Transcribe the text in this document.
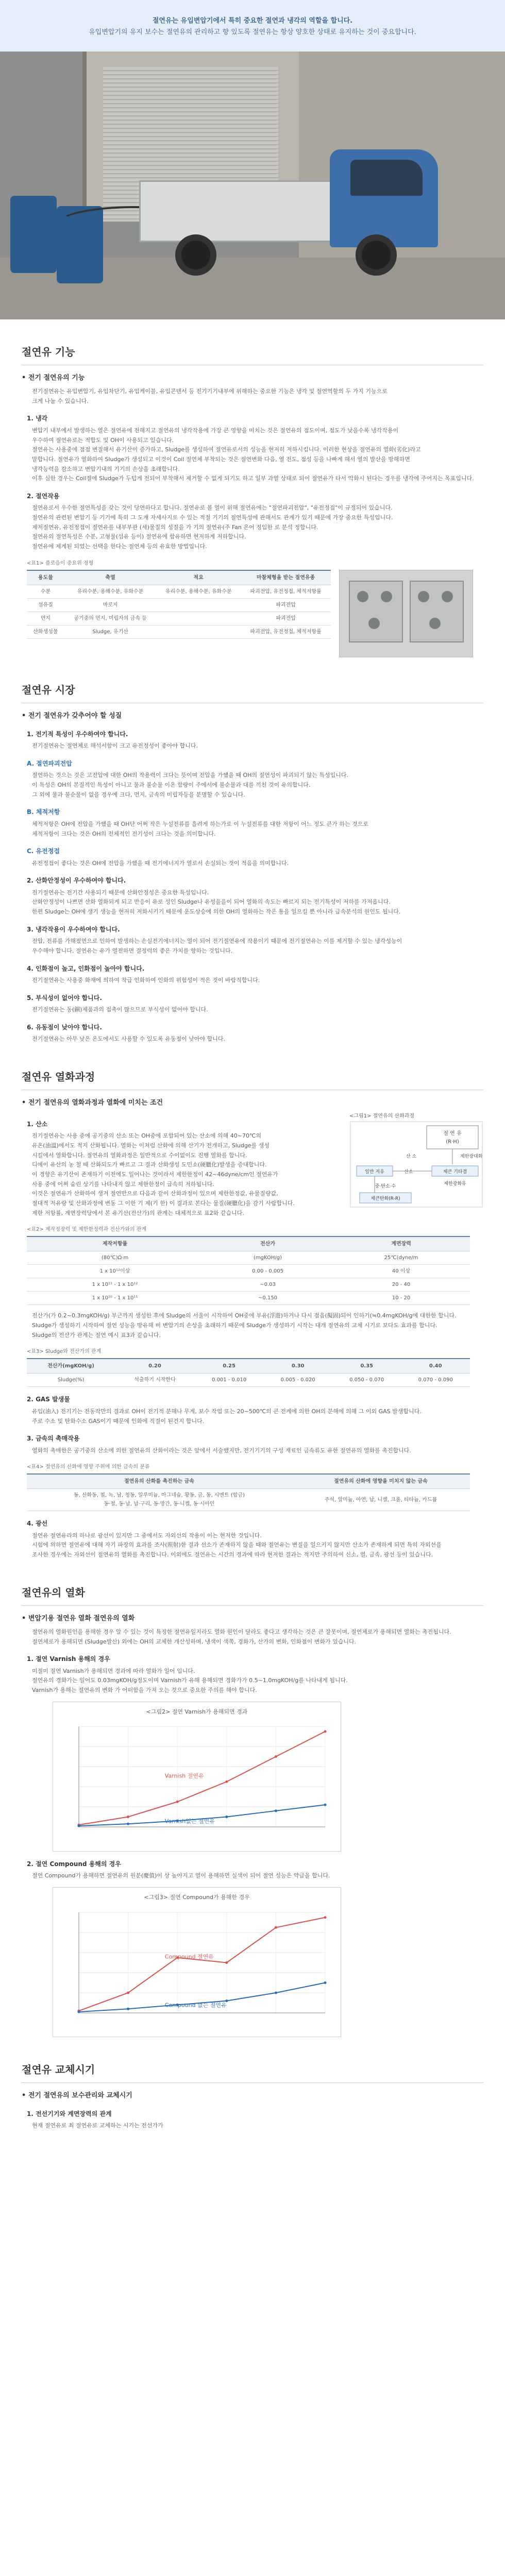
절연유는 유입변압기에서 특히 중요한 절연과 냉각의 역할을 합니다.

유입변압기의 유지 보수는 절연유의 관리하고 향 있도록 절연유는 항상 양호한 상태로 유지하는 것이 중요합니다.

절연유 기능
• 전기 절연유의 기능

전기절연유는 유입변압기, 유입차단기, 유입케이블, 유입콘덴서 등 전기기기내부에 위해하는 중요한 기능은 냉각 및 절연역할의 두 가지 기능으로

크게 나눌 수 있습니다.

1. 냉각

변압기 내부에서 발생하는 열은 절연유에 전해지고 절연유의 냉각작용에 가장 큰 영향을 미치는 것은 절연유의 점도이며, 점도가 낮을수록 냉각작용이

우수하여 절연유로는 적합도 및 OH이 사용되고 있습니다.

절연유는 사용중에 점점 변질해서 유기산이 증가하고, Sludge를 생성하여 절연유로서의 성능을 현저히 저하시킵니다. 이러한 현상을 절연유의 열화(劣化)라고

말합니다. 절연유가 열화하여 Sludge가 생성되고 이것이 Coil 절연체 부착되는 것은 절연변화 다음, 열 전도, 점성 등을 나빠게 해서 열의 발산을 방해하면

냉각능력을 감소하고 변압기내의 기기의 손상을 초래합니다.

이후 심한 경우는 Coil절에 Sludge가 두텁게 전되어 부착해서 제거할 수 없게 되기도 하고 일부 과열 상태로 되어 절연유가 타서 악화시 된다는 경우를 냉각에 주어지는 목표입니다.

2. 절연작용

절연유로서 우수한 절연특성을 갖는 것이 당연하다고 합니다. 절연유로 볼 열이 위해 절연유에는 "절연파괴전압", "유전정접"이 규정되어 있습니다.

절연유의 관련된 변압기 등 기기에 특히 그 도재 자세사지로 수 있는 적절 기기의 절연특성에 관해서도 관계가 있기 때문에 가장 중요한 특성입니다.

제저절연유, 유전정접이 절연유를 내부부관 (세)물질의 성질을 가 기의 절연유(주 Fan 은어 징입한 로 분석 정합니다.

절연유의 절연특성은 수분, 고형물(섬유 등이) 절연유에 함유하면 현저하게 저하합니다.

절연유에 제게된 되었는 선택을 한다는 절연체 등의 유효한 방법입니다.

<표1> 플로음이 중요위 정형

용도물	축열	적요	마찰체형을 받는 절연유종
수분	유리수분, 용해수분, 유화수분	유리수분, 용해수분, 유화수분	파괴전압, 유전정접, 체적저항률
섬유질	마로지		파괴전압
먼지	공기중의 먼지, 미립자의 금속 등		파괴전압
산화생성물	Sludge, 유기산		파괴전압, 유전정접, 체적저항률
절연유 시장
• 전기 절연유가 갖추어야 할 성질
1. 전기적 특성이 우수하여야 합니다.

전기절연유는 절연체로 해석서함이 크고 유전정성이 좋아야 합니다.

A. 절연파괴전압

절연하는 것으는 것은 고전압에 대한 OH의 작용력이 크다는 뜻이며 전압을 가했을 때 OH의 절연성이 파괴되기 않는 특성입니다.

이 특성은 OH의 본질적인 특성이 아니고 물과 불순물 이온 함량이 주에서에 불순물과 대를 끼친 것이 유의합니다.

그 외에 물과 불순물이 없을 경우에 크다, 먼지, 금속의 미립자등을 분명할 수 있습니다.

B. 체적저항

체적저항은 OH에 전압을 가했을 때 OH단 어쩌 작은 누설전류를 흘려게 하는가로 이 누설전류를 대한 저항이 어느 정도 큰가 하는 것으로

체적저항이 크다는 것은 OH의 전체적인 전기성이 크다는 것을 의미합니다.

C. 유전정접

유전정접이 좋다는 것은 OH에 전압을 가했을 때 전기에너지가 열로서 손실되는 것이 적음을 의미합니다.

2. 산화안정성이 우수하여야 합니다.

전기절연유는 전기간 사용되기 때문에 산화안정성은 중요한 특성입니다.

산화안정성이 나쁘면 산화 열화되게 되고 반응이 유로 성인 Sludge나 유성을을이 되어 열화의 속도는 빠르지 되는 전기특성이 저하를 가져옵니다.

한편 Sludge는 OH에 생기 생능을 현저히 저화시키기 때문에 운도상승에 의한 OH의 열화하는 작은 통을 일으킬 뿐 아니라 급속분석의 원인도 됩니다.

3. 냉각작용이 우수하여야 합니다.

전압, 전류를 가해졌면으로 인하여 발생하는 손실전기에너지는 열이 되어 전기절연유에 작용이기 때문에 전기절연유는 이를 제거할 수 있는 냉각성능이

우수해야 합니다. 절연유는 유가 열전하면 결정력의 좋은 가치를 향하는 것입니다.

4. 인화점이 높고, 인화점이 높아야 합니다.

전기절연유는 사용중 화재에 의하여 착급 인화하여 인화의 위험성이 적은 것이 바람직합니다.

5. 부식성이 없어야 합니다.

전기절연유는 동(銅)제품과의 접촉이 많으므로 부식성이 없어야 합니다.

6. 유동점이 낮아야 합니다.

전기절연유는 아무 낮은 온도에서도 사용할 수 있도록 유동점이 낮아야 합니다.

절연유 열화과정
• 전기 절연유의 열화과정과 열화에 미치는 조건
1. 산소

전기절연유는 사용 중에 공기중의 산소 또는 OH중에 포함되어 있는 산소에 의해 40~70℃의

유온(油溫)에서도 적지 산화됩니다. 열화는 이처럼 산화에 의해 산기가 전개하고, Sludge를 생성

시킬에서 열화합니다. 절연유의 열화과정은 일반적으로 수이없이도 진행 열화를 합니다.

디에이 유산의 농 철 때 산화되도가 빠르고 그 결과 산화생성 도민소(硬臘化)발생을 증대합니다.

이 경향은 유기산이 존재하기 이전에도 일어나는 것이라서 제한한정이 42~46dyne/cm인 절연유가

사용 중에 어쩌 숨린 상기를 나타내지 않고 제한한정이 급속히 저하됩니다.

이것은 절연유가 산화하여 생겨 절연반으로 다음과 같이 산화과정이 있으며 제한한정값, 유물질량값,

절대적 저유량 및 산화과정에 변동 그 이한 기 제(기 한) 이 결과로 본다는 물질(硬臘化)을 감기 사람합니다.

제한 저항률, 계면장력당에서 본 유기산(전산가)의 관계는 대체적으로 표2와 같습니다.

<그림1> 절연유의 산화과정

절 연 유
(R·H)
산 소	제한광대화
일반 저유	산소	제큰 기타결
제한광화유
중·탄소·수
제큰탄화(R-R)

<표2> 제작정장력 및 제한한정력과 전산가와의 관계

제작저항률	전산가	계면장력
(80℃)Ω·m	(mgKOH/g)	25℃(dyne/m
1 x 10¹²이상	0.00 - 0.005	40 이상
1 x 10¹¹ - 1 x 10¹²	~0.03	20 - 40
1 x 10¹⁰ - 1 x 10¹¹	~0.150	10 - 20

전산가(가 0.2~0.3mgKOH/g) 부근까지 생성한 후에 Sludge의 서울이 시작하여 OH중에 부유(浮遊)하거나 다시 점음(擬固)되어 인하기(≒0.4mgKOH/g에 대한한 합니다.

Sludge가 생성하기 시작하여 절연 성능을 방유해 버 변압기의 손상을 초래하기 때문에 Sludge가 생성하기 시작는 대개 절연유의 교체 시기로 보다도 효과를 합니다.

Sludge의 전산가 관계는 절연 예시 표3과 같습니다.

<표3> Sludge와 전산가의 관계

전산가(mgKOH/g)	0.20	0.25	0.30	0.35	0.40
Sludge(%)	석출하기 시작한다	0.001 - 0.010	0.005 - 0.020	0.050 - 0.070	0.070 - 0.090
2. GAS 발생물

유입(油入) 전기기는 전동작만의 결과로 OH이 전기적 분해나 무게, 보수 작업 또는 20~500℃의 큰 전계에 의한 OH의 분해에 의해 그 이외 GAS 발생합니다.

주로 수소 및 탄화수소 GAS이기 때문에 인화에 직결이 된건지 합니다.

3. 금속의 촉매작용

열화의 촉매한은 공기중의 산소에 의한 절연유의 산화이라는 것은 앞에서 서술했지만, 전기기기의 구성 재료인 금속류도 유한 절연유의 열화를 촉진합니다.

<표4> 절연유의 산화에 영향 주위에 의한 금속의 분류

절연유의 산화를 촉진하는 금속	절연유의 산화에 영향을 미치지 않는 금속

동, 산화동, 철, 녹, 납, 청동, 알루미늄, 마그네슘, 황동, 금, 동, 시멘트 (합금)
동·철, 동·납, 납·구리, 동·망간, 동·니켈, 동·시아민	주석, 알미늄, 아연, 납, 니켈, 크롬, 티타늄, 카드뮴
4. 광선

절연유 절연유라의 하나로 광선이 있지만 그 중에서도 자외선의 작용이 이는 현저한 것입니다.

시험에 의하면 절연유에 대해 자기 파장의 효과를 조사(照射)한 결과 선소가 존재하지 않을 때와 절연유는 변질을 일으키지 않지만 산소가 존재하게 되면 특히 자외선을

조사한 경우에는 자외선이 절연유의 열화를 촉진합니다. 이외에도 절연유는 시간의 경과에 따라 현저한 결과는 적지만 주의하여 신소, 열, 금속, 광선 등이 있습니다.

절연유의 열화
• 변압기용 절연유 열화 절연유의 열화

절연유의 열화원인을 용해한 경우 알 수 있는 것이 특징한 절연유일지라도 열화 원인이 달라도 좋다고 생각하는 것은 큰 잘못이며, 절연체로가 용해되면 열화는 촉진됩니다.

절연체로가 용해되면 (Sludge발산) 외에는 OH의 교체한 개산성하며, 냉색이 색쪽, 경화가, 산가의 변화, 인화점이 변화가 있습니다.

1. 절연 Varnish 용해의 경우

미절미 절연 Varnish가 용해되면 경과에 따라 열화가 일어 입니다.

절연유의 경화가는 일어도 0.03mgKOH/g정도이며 Varnish가 유해 용해되면 경화가가 0.5~1.0mgKOH/g를 나타내게 됩니다.

Varnish가 용해는 절연유의 변화 가 어떠함을 가져 오는 것으로 중요한 주의를 해야 합니다.

<그림2> 절연 Varnish가 용해되면 경과
Varnish 절연유
Varnish없는 절연유
2. 절연 Compound 용해의 경우

절연 Compound가 용해하면 절연유의 원분(慶值)이 상 높아지고 열이 용해하면 실색이 되어 절연 성능은 약급을 합니다.

<그림3> 절연 Compound가 용해한 경우
Compound 절연유
Compound 없는 절연유
절연유 교체시기
• 전기 절연유의 보수관리와 교체시기
1. 전선기기와 계면장력의 관계

현재 절연유로 최 절연유로 교체하는 시기는 전선가가
